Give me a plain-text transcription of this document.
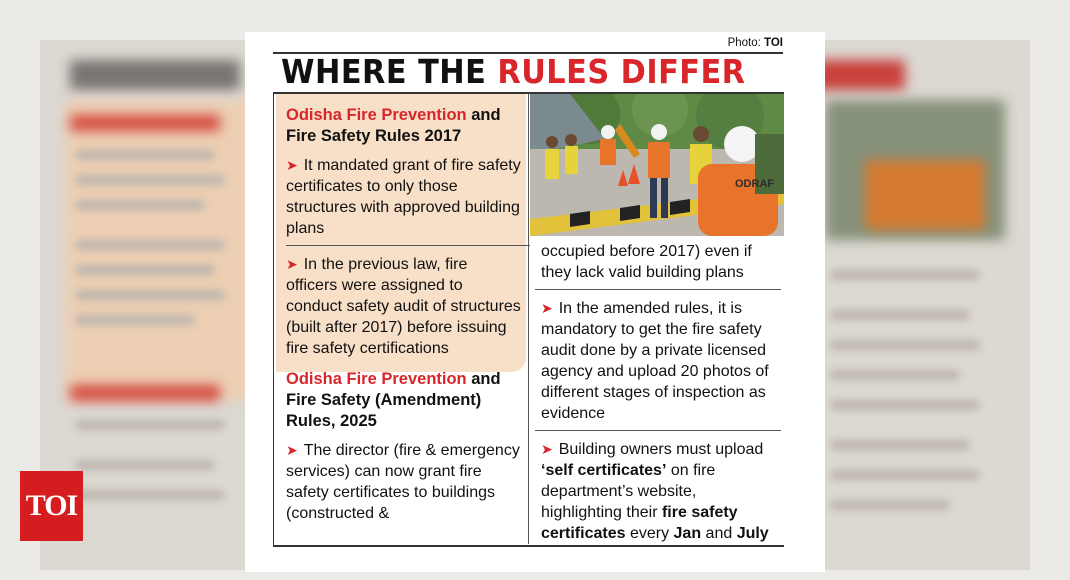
TOI
Photo: TOI
WHERE THE RULES DIFFER

Odisha Fire Prevention and
Fire Safety Rules 2017

➤ It mandated grant of fire safety certificates to only those structures with approved building plans

➤ In the previous law, fire officers were assigned to conduct safety audit of structures (built after 2017) before issuing fire safety certifications

Odisha Fire Prevention and
Fire Safety (Amendment) Rules, 2025

➤ The director (fire & emergency services) can now grant fire safety certificates to buildings (constructed &

ODRAF

occupied before 2017) even if they lack valid building plans

➤ In the amended rules, it is mandatory to get the fire safety audit done by a private licensed agency and upload 20 photos of different stages of inspection as evidence

➤ Building owners must upload ‘self certificates’ on fire department’s website, highlighting their fire safety certificates every Jan and July
